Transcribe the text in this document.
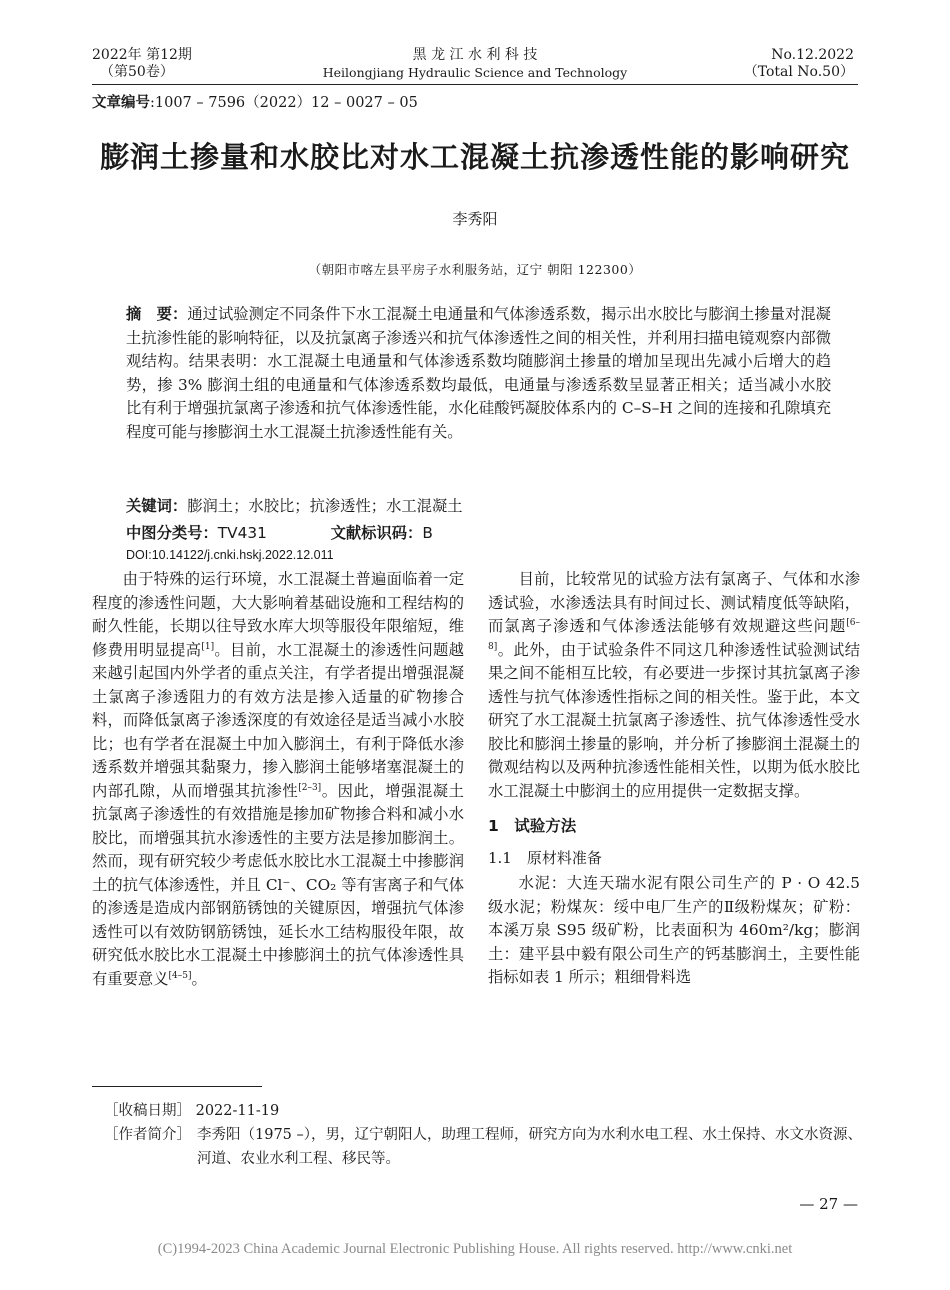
2022年 第12期
（第50卷）
黑 龙 江 水 利 科 技
Heilongjiang Hydraulic Science and Technology
No.12.2022
（Total No.50）
文章编号:1007 – 7596（2022）12 – 0027 – 05
膨润土掺量和水胶比对水工混凝土抗渗透性能的影响研究
李秀阳
（朝阳市喀左县平房子水利服务站，辽宁 朝阳 122300）
摘　要：通过试验测定不同条件下水工混凝土电通量和气体渗透系数，揭示出水胶比与膨润土掺量对混凝土抗渗性能的影响特征，以及抗氯离子渗透兴和抗气体渗透性之间的相关性，并利用扫描电镜观察内部微观结构。结果表明：水工混凝土电通量和气体渗透系数均随膨润土掺量的增加呈现出先减小后增大的趋势，掺 3% 膨润土组的电通量和气体渗透系数均最低，电通量与渗透系数呈显著正相关；适当减小水胶比有利于增强抗氯离子渗透和抗气体渗透性能，水化硅酸钙凝胶体系内的 C–S–H 之间的连接和孔隙填充程度可能与掺膨润土水工混凝土抗渗透性能有关。
关键词：膨润土；水胶比；抗渗透性；水工混凝土
中图分类号：TV431	文献标识码：B
DOI:10.14122/j.cnki.hskj.2022.12.011

由于特殊的运行环境，水工混凝土普遍面临着一定程度的渗透性问题，大大影响着基础设施和工程结构的耐久性能，长期以往导致水库大坝等服役年限缩短，维修费用明显提高[1]。目前，水工混凝土的渗透性问题越来越引起国内外学者的重点关注，有学者提出增强混凝土氯离子渗透阻力的有效方法是掺入适量的矿物掺合料，而降低氯离子渗透深度的有效途径是适当减小水胶比；也有学者在混凝土中加入膨润土，有利于降低水渗透系数并增强其黏聚力，掺入膨润土能够堵塞混凝土的内部孔隙，从而增强其抗渗性[2–3]。因此，增强混凝土抗氯离子渗透性的有效措施是掺加矿物掺合料和减小水胶比，而增强其抗水渗透性的主要方法是掺加膨润土。然而，现有研究较少考虑低水胶比水工混凝土中掺膨润土的抗气体渗透性，并且 Cl⁻、CO₂ 等有害离子和气体的渗透是造成内部钢筋锈蚀的关键原因，增强抗气体渗透性可以有效防钢筋锈蚀，延长水工结构服役年限，故研究低水胶比水工混凝土中掺膨润土的抗气体渗透性具有重要意义[4–5]。

目前，比较常见的试验方法有氯离子、气体和水渗透试验，水渗透法具有时间过长、测试精度低等缺陷，而氯离子渗透和气体渗透法能够有效规避这些问题[6–8]。此外，由于试验条件不同这几种渗透性试验测试结果之间不能相互比较，有必要进一步探讨其抗氯离子渗透性与抗气体渗透性指标之间的相关性。鉴于此，本文研究了水工混凝土抗氯离子渗透性、抗气体渗透性受水胶比和膨润土掺量的影响，并分析了掺膨润土混凝土的微观结构以及两种抗渗透性能相关性，以期为低水胶比水工混凝土中膨润土的应用提供一定数据支撑。

1　试验方法
1.1　原材料准备

水泥：大连天瑞水泥有限公司生产的 P · O 42.5 级水泥；粉煤灰：绥中电厂生产的Ⅱ级粉煤灰；矿粉：本溪万泉 S95 级矿粉，比表面积为 460m²/kg；膨润土：建平县中毅有限公司生产的钙基膨润土，主要性能指标如表 1 所示；粗细骨料选

［收稿日期］ 2022-11-19
［作者简介］ 李秀阳（1975 –），男，辽宁朝阳人，助理工程师，研究方向为水利水电工程、水土保持、水文水资源、河道、农业水利工程、移民等。
— 27 —
(C)1994-2023 China Academic Journal Electronic Publishing House. All rights reserved. http://www.cnki.net
